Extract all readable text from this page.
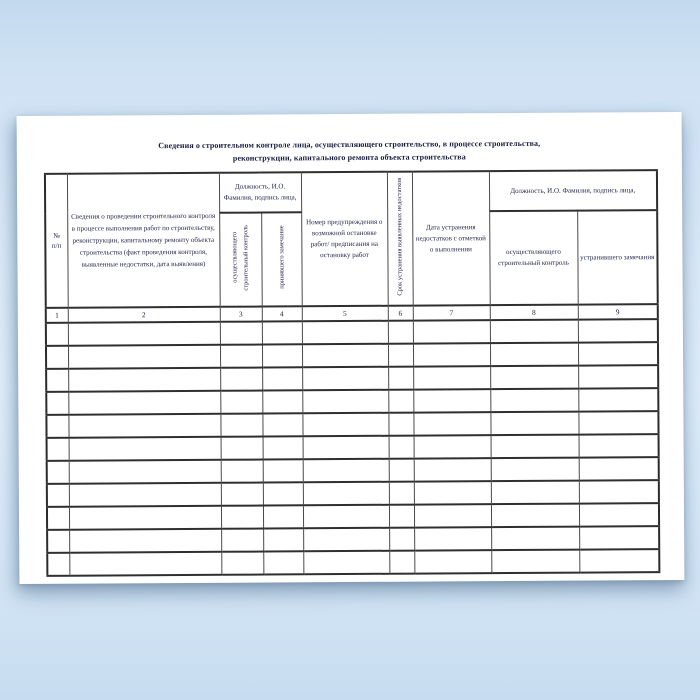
Сведения о строительном контроле лица, осуществляющего строительство, в процессе строительства,
реконструкции, капитального ремонта объекта строительства
№
п/п	Сведения о проведении строительного контроля в процессе выполнения работ по строительству, реконструкции, капитальному ремонту объекта строительства (факт проведения контроля, выявленные недостатки, дата выявления)	Должность, И.О. Фамилия, подпись лица,		Номер предупреждения о возможной остановке работ/ предписания на остановку работ	Срок устранения выявленных недостатков	Дата устранения недостатков с отметкой о выполнении	Должность, И.О. Фамилия, подпись лица,	
		осуществляющего строительный контроль	принявшего замечание				осуществляющего строительный контроль	устранившего замечания
1	2	3	4	5	6	7	8	9
